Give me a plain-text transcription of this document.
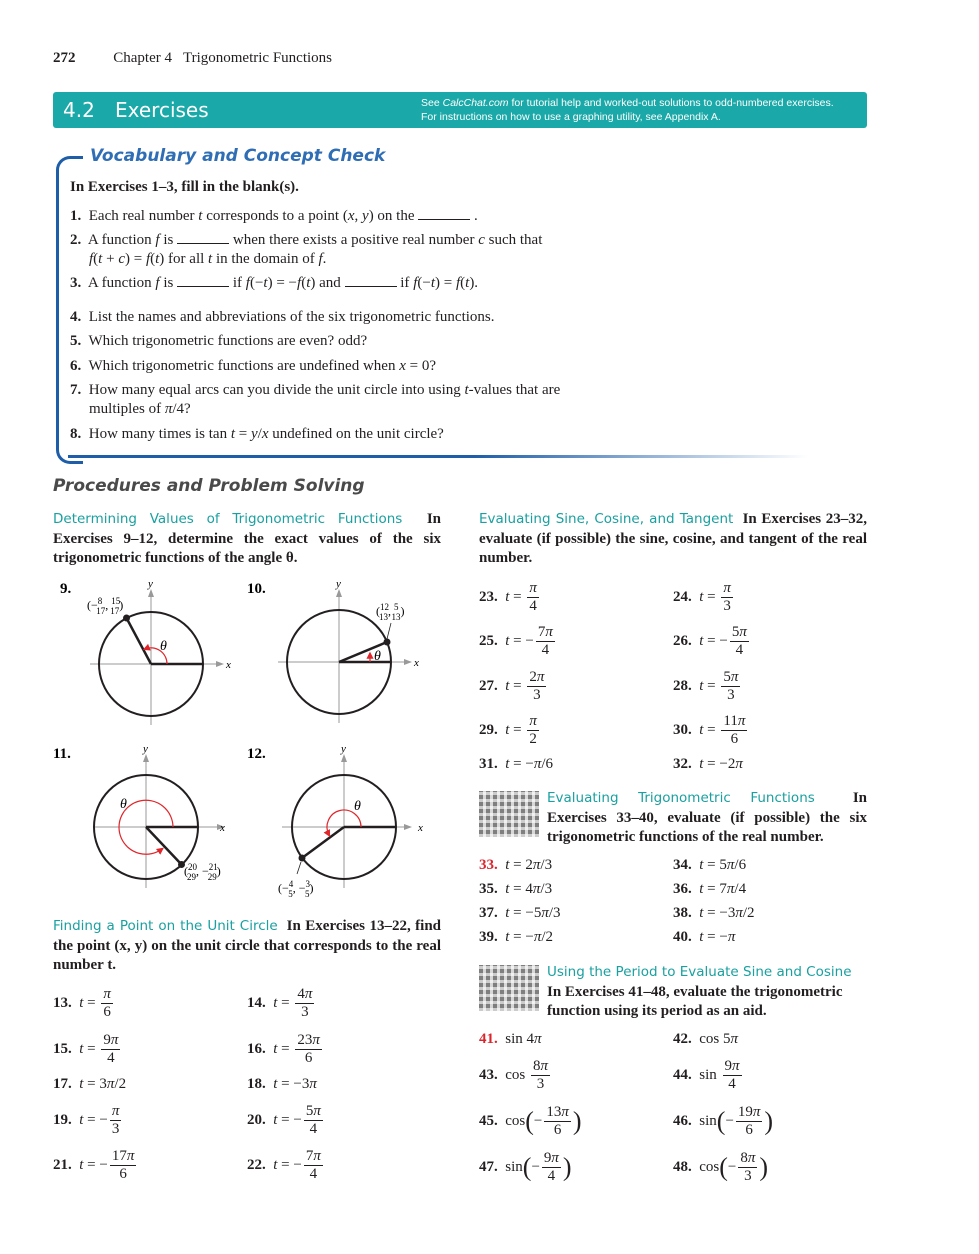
272	Chapter 4   Trigonometric Functions
4.2 Exercises	See CalcChat.com for tutorial help and worked-out solutions to odd-numbered exercises.
For instructions on how to use a graphing utility, see Appendix A.
Vocabulary and Concept Check
In Exercises 1–3, fill in the blank(s).
1.  Each real number t corresponds to a point (x, y) on the	.
2.  A function f is	when there exists a positive real number c such that
f(t + c) = f(t) for all t in the domain of f.
3.  A function f is	if f(−t) = −f(t) and	if f(−t) = f(t).
4. List the names and abbreviations of the six trigonometric functions.
5. Which trigonometric functions are even? odd?
6.  Which trigonometric functions are undefined when x = 0?
7.  How many equal arcs can you divide the unit circle into using t-values that are
multiples of π/4?
8.  How many times is tan t = y/x undefined on the unit circle?
Procedures and Problem Solving
Determining Values of Trigonometric Functions In Exercises 9–12, determine the exact values of the six trigonometric functions of the angle θ.
9.
x
y
θ
(−$^8$ 17, $^{15}$ 17)
10.
x
y
θ
($^{12}$ 13, $^5$ 13)
11.
x
y
θ
($^{20}$ 29, −$^{21}$ 29)
12.
x
y
θ
(−$^4$ 5, −$^3$ 5)
Finding a Point on the Unit Circle In Exercises 13–22, find the point (x, y) on the unit circle that corresponds to the real number t.
13. $t = \frac{\pi}{6}$	14. $t = \frac{4\pi}{3}$
15. $t = \frac{9\pi}{4}$	16. $t = \frac{23\pi}{6}$
17. t = 3π/2	18. t = −3π
19. t = − $\frac{\pi}{3}$	20. t = − $\frac{5\pi}{4}$
21. t = − $\frac{17\pi}{6}$	22. t = − $\frac{7\pi}{4}$
Evaluating Sine, Cosine, and Tangent In Exercises 23–32, evaluate (if possible) the sine, cosine, and tangent of the real number.
23. $t = \frac{\pi}{4}$	24. $t = \frac{\pi}{3}$
25. t = − $\frac{7\pi}{4}$	26. t = − $\frac{5\pi}{4}$
27. $t = \frac{2\pi}{3}$	28. $t = \frac{5\pi}{3}$
29. $t = \frac{\pi}{2}$	30. $t = \frac{11\pi}{6}$
31. t = −π/6	32. t = −2π
Evaluating Trigonometric Functions	In Exercises 33–40, evaluate (if possible) the six trigonometric functions of the real number.
33. t = 2π/3	34. t = 5π/6
35. t = 4π/3	36. t = 7π/4
37. t = −5π/3	38. t = −3π/2
39. t = −π/2	40. t = −π
Using the Period to Evaluate Sine and Cosine
In Exercises 41–48, evaluate the trigonometric function using its period as an aid.
41. sin 4π	42. cos 5π
43. $\cos \frac{8\pi}{3}$	44. $\sin \frac{9\pi}{4}$
45. $\cos(- \frac{13\pi}{6}$ )	46. $\sin(- \frac{19\pi}{6}$ )
47. $\sin(- \frac{9\pi}{4}$ )	48. $\cos(- \frac{8\pi}{3}$ )
